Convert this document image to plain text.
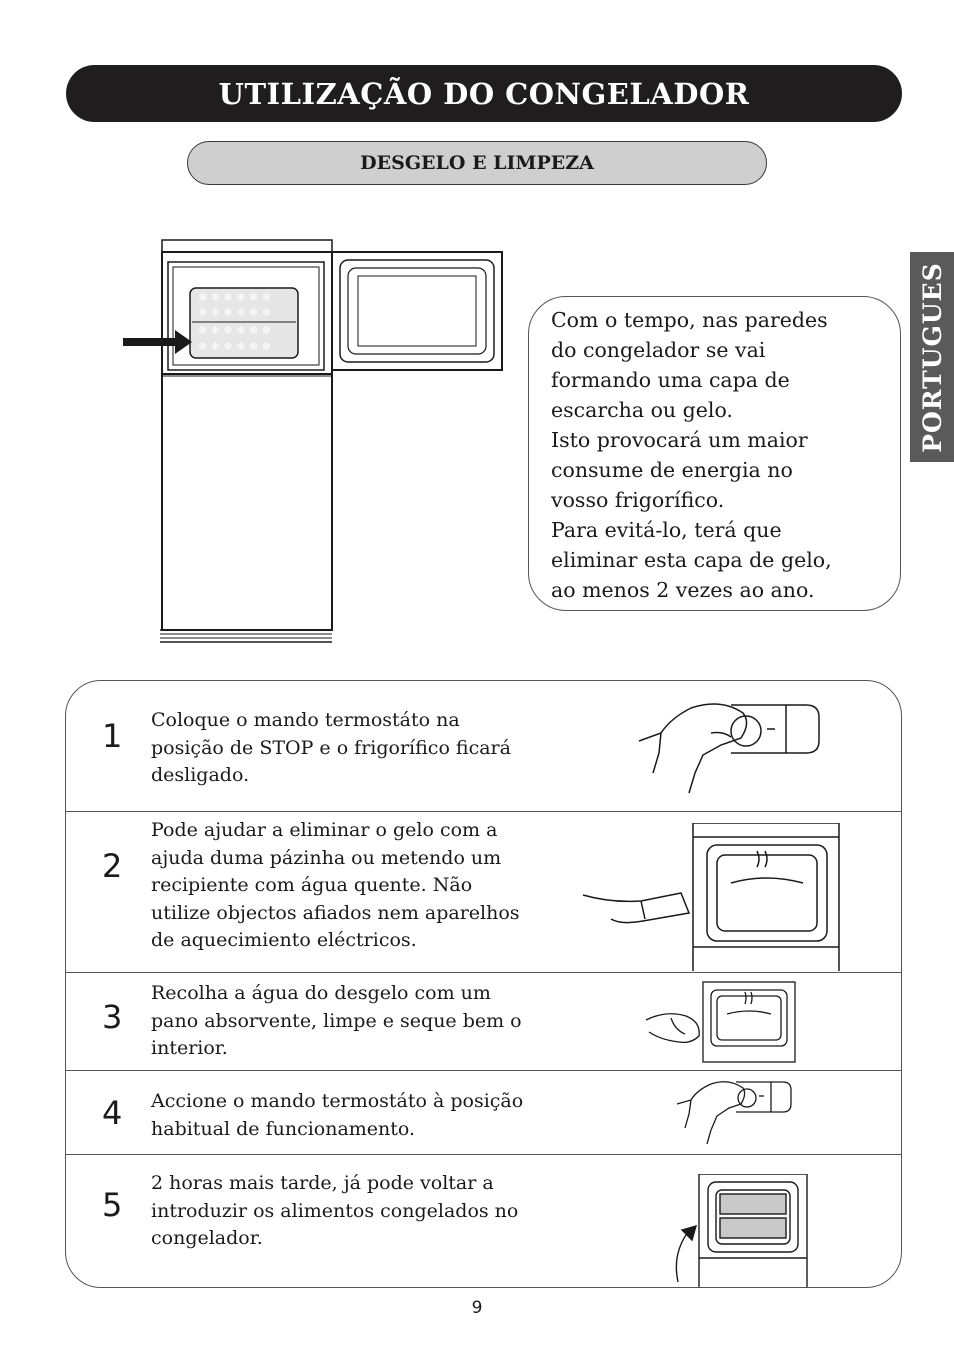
UTILIZAÇÃO DO CONGELADOR
DESGELO E LIMPEZA
PORTUGUES
❄ ❄ ❄ ❄ ❄ ❄
❄ ❄ ❄ ❄ ❄ ❄
❄ ❄ ❄ ❄ ❄ ❄
❄ ❄ ❄ ❄ ❄ ❄
Com o tempo, nas paredes
do congelador se vai
formando uma capa de
escarcha ou gelo.
Isto provocará um maior
consume de energia no
vosso frigorífico.
Para evitá-lo, terá que
eliminar esta capa de gelo,
ao menos 2 vezes ao ano.
1 Coloque o mando termostáto na
posição de STOP e o frigorífico ficará
desligado.
2
Pode ajudar a eliminar o gelo com a
ajuda duma pázinha ou metendo um
recipiente com água quente. Não
utilize objectos afiados nem aparelhos
de aquecimiento eléctricos.
3
Recolha a água do desgelo com um
pano absorvente, limpe e seque bem o
interior.
4 Accione o mando termostáto à posição
habitual de funcionamento.
5
2 horas mais tarde, já pode voltar a
introduzir os alimentos congelados no
congelador.
9
